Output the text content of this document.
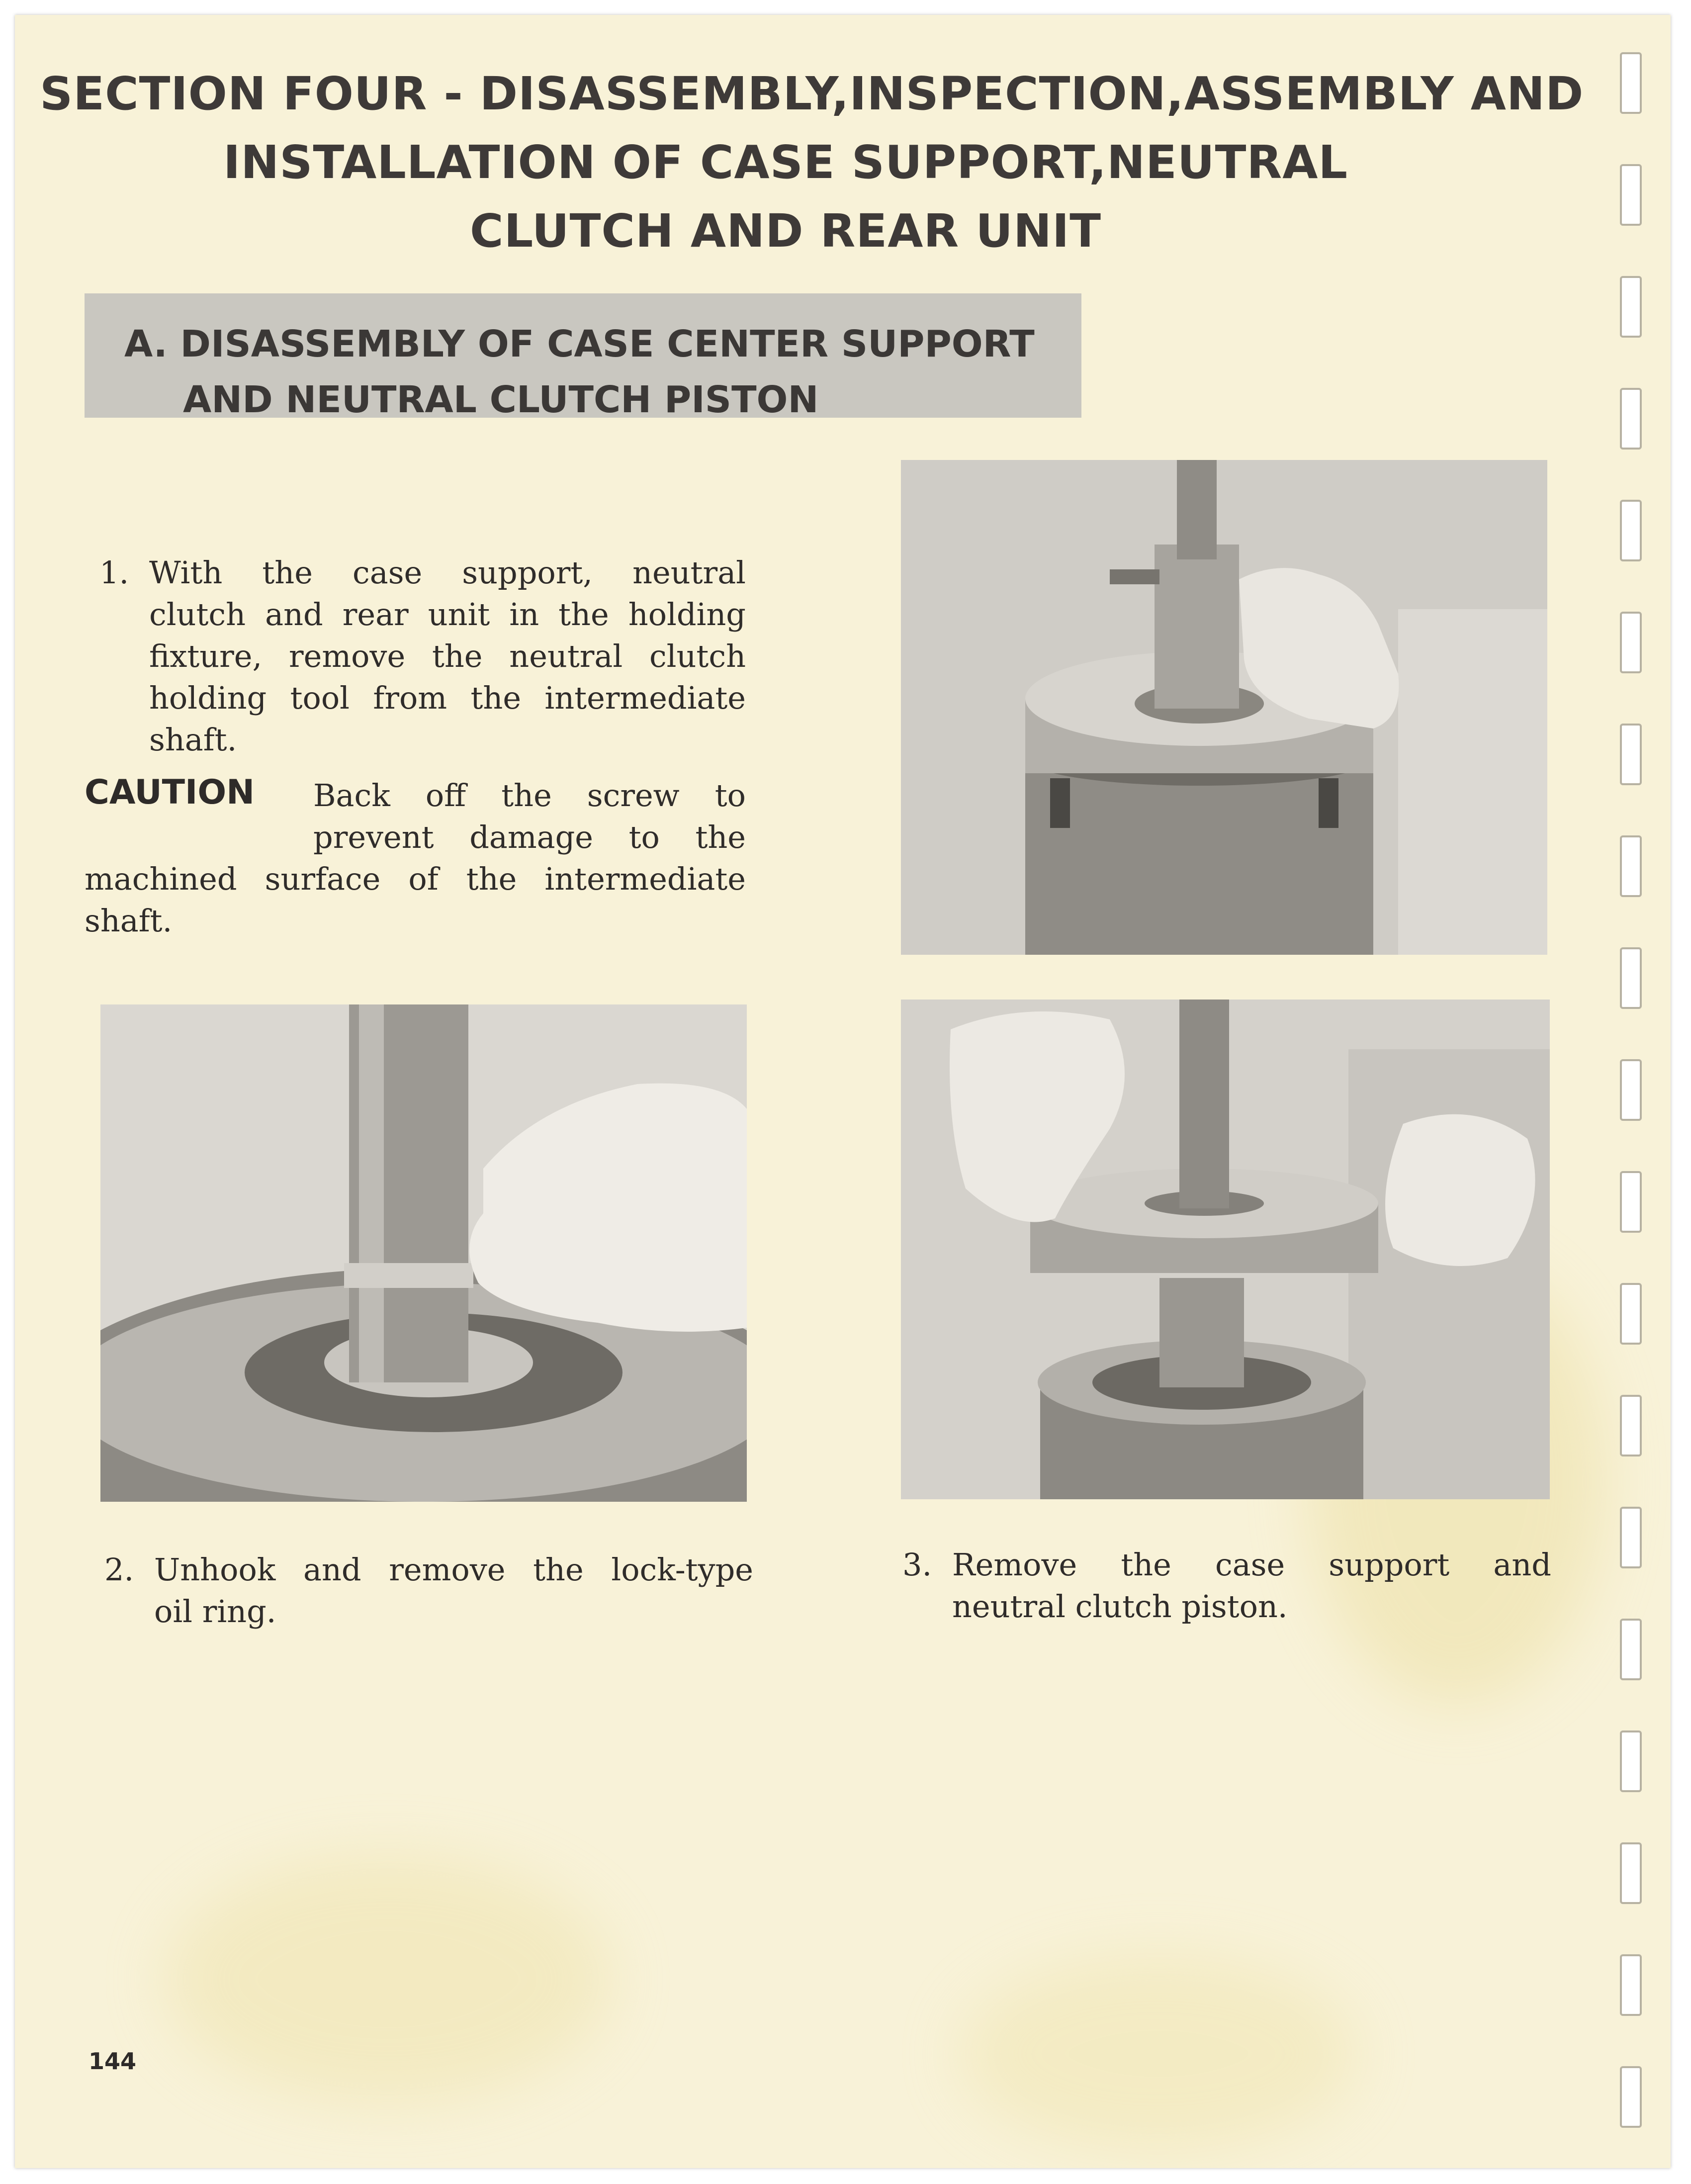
SECTION FOUR - DISASSEMBLY,INSPECTION,ASSEMBLY AND
INSTALLATION OF CASE SUPPORT,NEUTRAL
CLUTCH AND REAR UNIT
A. DISASSEMBLY OF CASE CENTER SUPPORT
AND NEUTRAL CLUTCH PISTON
1. With the case support, neutral
clutch and rear unit in the holding
fixture, remove the neutral clutch
holding tool from the intermediate
shaft.
CAUTION Back off the screw to
prevent damage to the
machined surface of the intermediate
shaft.
2. Unhook and remove the lock-type
oil ring.
3. Remove the case support and
neutral clutch piston.
144
